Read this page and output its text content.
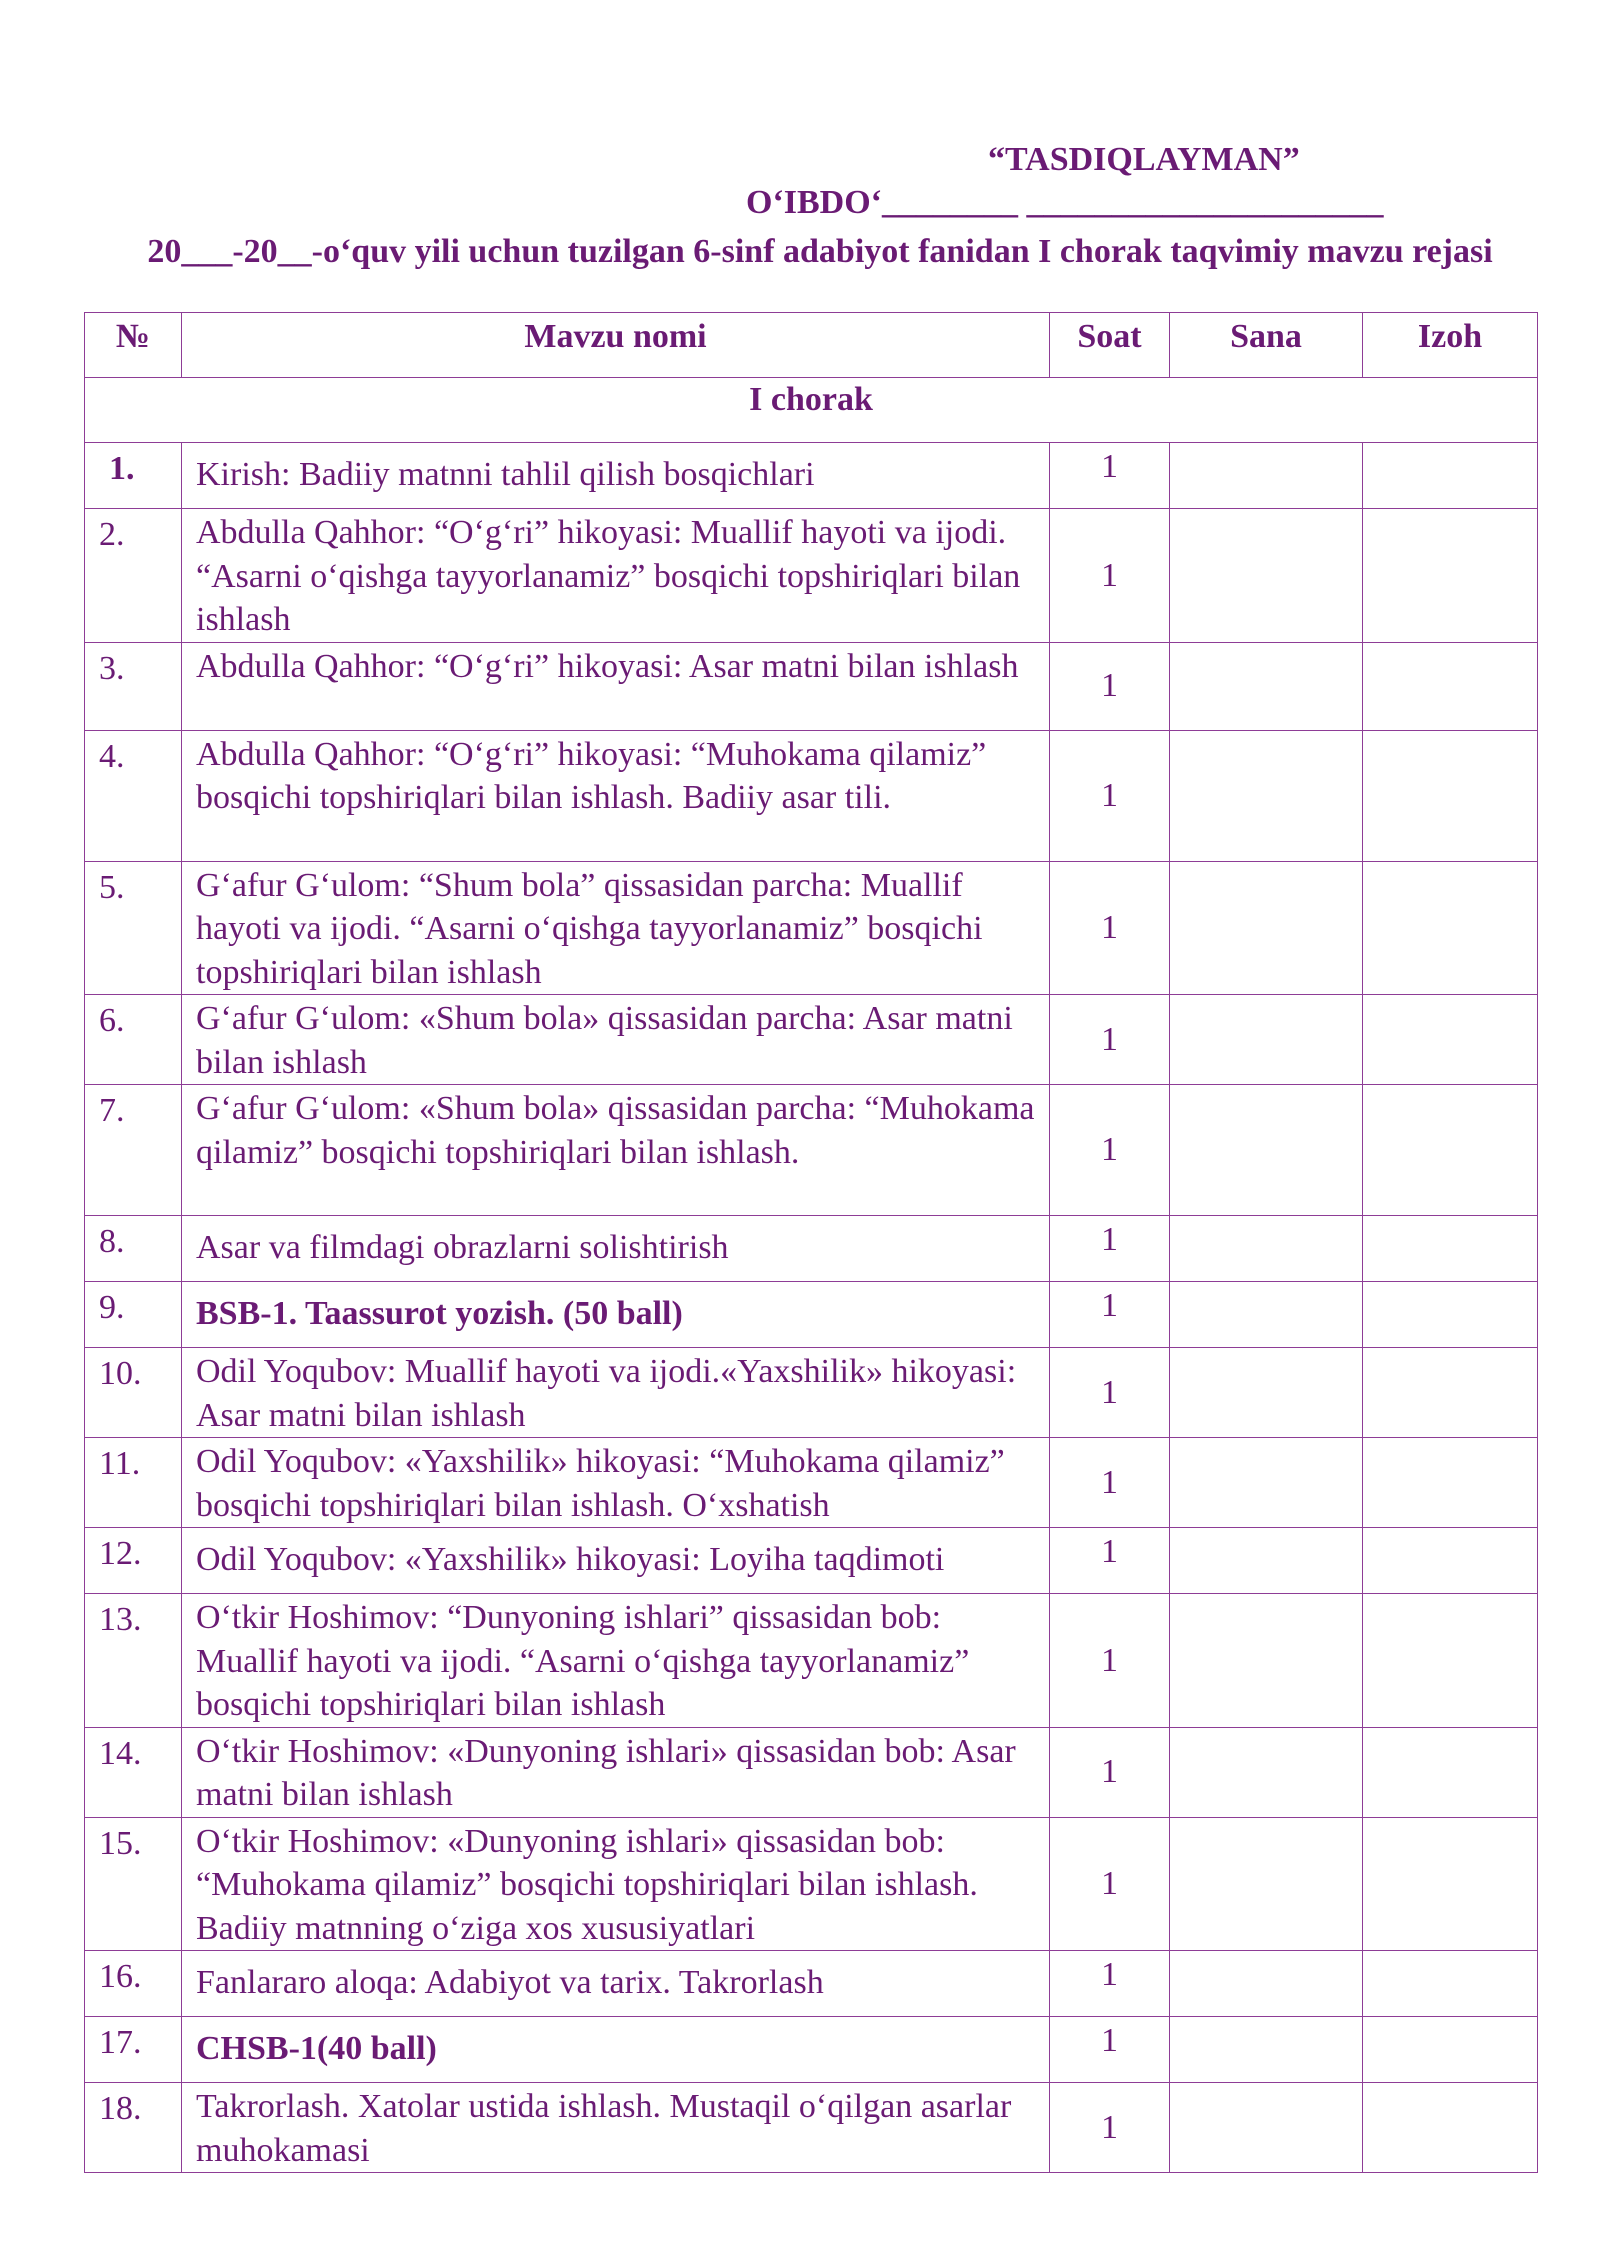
“TASDIQLAYMAN”
O‘IBDO‘________ _____________________
20___-20__-o‘quv yili uchun tuzilgan 6-sinf adabiyot fanidan I chorak taqvimiy mavzu rejasi
№	Mavzu nomi	Soat	Sana	Izoh
I chorak				
1.	Kirish: Badiiy matnni tahlil qilish bosqichlari	1		
2.	Abdulla Qahhor: “O‘g‘ri” hikoyasi: Muallif hayoti va ijodi. “Asarni o‘qishga tayyorlanamiz” bosqichi topshiriqlari bilan ishlash	1		
3.	Abdulla Qahhor: “O‘g‘ri” hikoyasi: Asar matni bilan ishlash	1		
4.	Abdulla Qahhor: “O‘g‘ri” hikoyasi: “Muhokama qilamiz” bosqichi topshiriqlari bilan ishlash. Badiiy asar tili.	1		
5.	G‘afur G‘ulom: “Shum bola” qissasidan parcha: Muallif hayoti va ijodi. “Asarni o‘qishga tayyorlanamiz” bosqichi topshiriqlari bilan ishlash	1		
6.	G‘afur G‘ulom: «Shum bola» qissasidan parcha: Asar matni bilan ishlash	1		
7.	G‘afur G‘ulom: «Shum bola» qissasidan parcha: “Muhokama qilamiz” bosqichi topshiriqlari bilan ishlash.	1		
8.	Asar va filmdagi obrazlarni solishtirish	1		
9.	BSB-1. Taassurot yozish. (50 ball)	1		
10.	Odil Yoqubov: Muallif hayoti va ijodi.«Yaxshilik» hikoyasi: Asar matni bilan ishlash	1		
11.	Odil Yoqubov: «Yaxshilik» hikoyasi: “Muhokama qilamiz” bosqichi topshiriqlari bilan ishlash. O‘xshatish	1		
12.	Odil Yoqubov: «Yaxshilik» hikoyasi: Loyiha taqdimoti	1		
13.	O‘tkir Hoshimov: “Dunyoning ishlari” qissasidan bob: Muallif hayoti va ijodi. “Asarni o‘qishga tayyorlanamiz” bosqichi topshiriqlari bilan ishlash	1		
14.	O‘tkir Hoshimov: «Dunyoning ishlari» qissasidan bob: Asar matni bilan ishlash	1		
15.	O‘tkir Hoshimov: «Dunyoning ishlari» qissasidan bob: “Muhokama qilamiz” bosqichi topshiriqlari bilan ishlash. Badiiy matnning o‘ziga xos xususiyatlari	1		
16.	Fanlararo aloqa: Adabiyot va tarix. Takrorlash	1		
17.	CHSB-1(40 ball)	1		
18.	Takrorlash. Xatolar ustida ishlash. Mustaqil o‘qilgan asarlar muhokamasi	1		
